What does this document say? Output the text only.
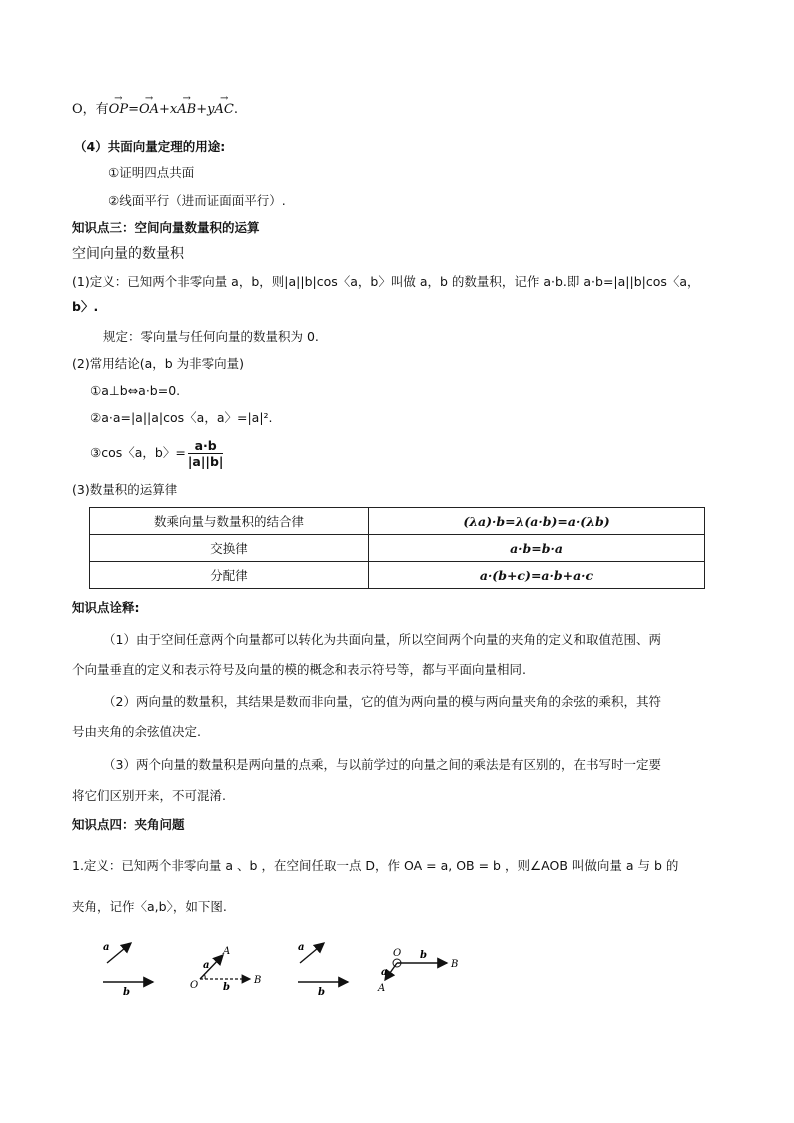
O，有→ OP=→ OA+x→ AB+y→ AC.
（4）共面向量定理的用途:
①证明四点共面
②线面平行（进而证面面平行）.
知识点三：空间向量数量积的运算
空间向量的数量积
(1)定义：已知两个非零向量 a，b，则|a||b|cos〈a，b〉叫做 a，b 的数量积，记作 a·b.即 a·b=|a||b|cos〈a，
b〉.
规定：零向量与任何向量的数量积为 0.
(2)常用结论(a，b 为非零向量)
①a⊥b⇔a·b=0.
②a·a=|a||a|cos〈a，a〉=|a|².
③cos〈a，b〉= $\frac{a\cdot b}{|a||b|}$
(3)数量积的运算律
数乘向量与数量积的结合律	(λa)·b=λ(a·b)=a·(λb)
交换律	a·b=b·a
分配律	a·(b+c)=a·b+a·c
知识点诠释:
（1）由于空间任意两个向量都可以转化为共面向量，所以空间两个向量的夹角的定义和取值范围、两
个向量垂直的定义和表示符号及向量的模的概念和表示符号等，都与平面向量相同.
（2）两向量的数量积，其结果是数而非向量，它的值为两向量的模与两向量夹角的余弦的乘积，其符
号由夹角的余弦值决定.
（3）两个向量的数量积是两向量的点乘，与以前学过的向量之间的乘法是有区别的，在书写时一定要
将它们区别开来，不可混淆.
知识点四：夹角问题
1.定义：已知两个非零向量 a 、b ，在空间任取一点 D，作 OA = a, OB = b ，则∠AOB 叫做向量 a 与 b 的
夹角，记作〈a,b〉，如下图.
a
b
A
a
B
b
O
a
b
O b
B
a
A
